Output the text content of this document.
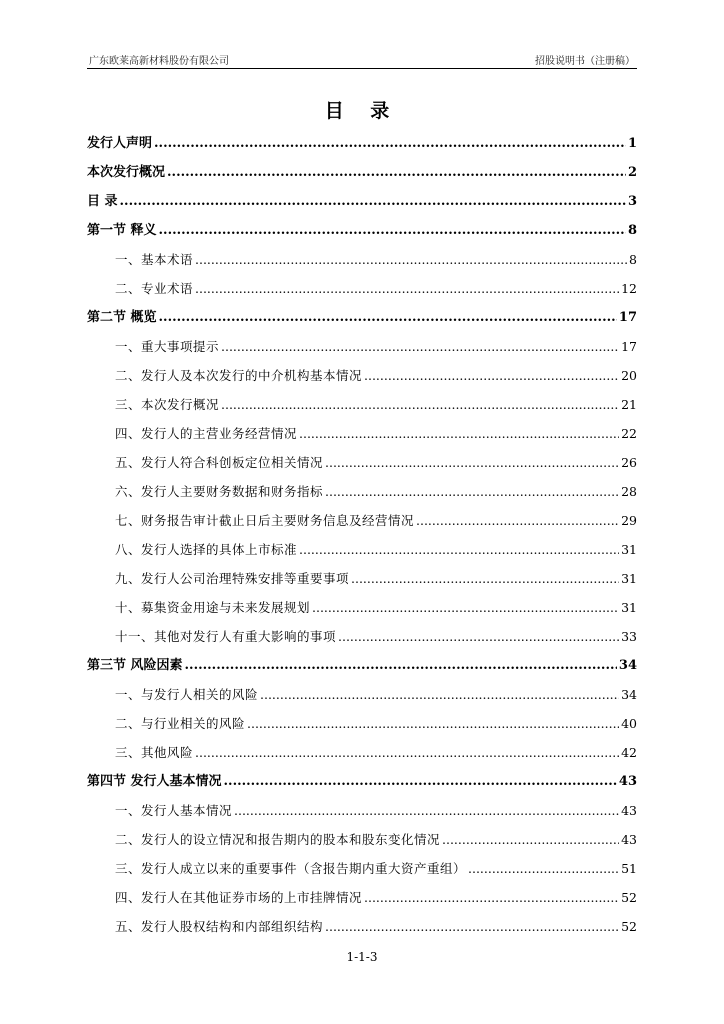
广东欧莱高新材料股份有限公司	招股说明书（注册稿）
目 录
发行人声明 .....	1
本次发行概况 .....	2
目 录 .....	3
第一节 释义 .....	8
一、基本术语 .....	8
二、专业术语 .....	12
第二节 概览 .....	17
一、重大事项提示 .....	17
二、发行人及本次发行的中介机构基本情况 .....	20
三、本次发行概况 .....	21
四、发行人的主营业务经营情况 .....	22
五、发行人符合科创板定位相关情况 .....	26
六、发行人主要财务数据和财务指标 .....	28
七、财务报告审计截止日后主要财务信息及经营情况 .....	29
八、发行人选择的具体上市标准 .....	31
九、发行人公司治理特殊安排等重要事项 .....	31
十、募集资金用途与未来发展规划 .....	31
十一、其他对发行人有重大影响的事项 .....	33
第三节 风险因素 .....	34
一、与发行人相关的风险 .....	34
二、与行业相关的风险 .....	40
三、其他风险 .....	42
第四节 发行人基本情况 .....	43
一、发行人基本情况 .....	43
二、发行人的设立情况和报告期内的股本和股东变化情况 .....	43
三、发行人成立以来的重要事件（含报告期内重大资产重组） .....	51
四、发行人在其他证券市场的上市挂牌情况 .....	52
五、发行人股权结构和内部组织结构 .....	52
1-1-3
